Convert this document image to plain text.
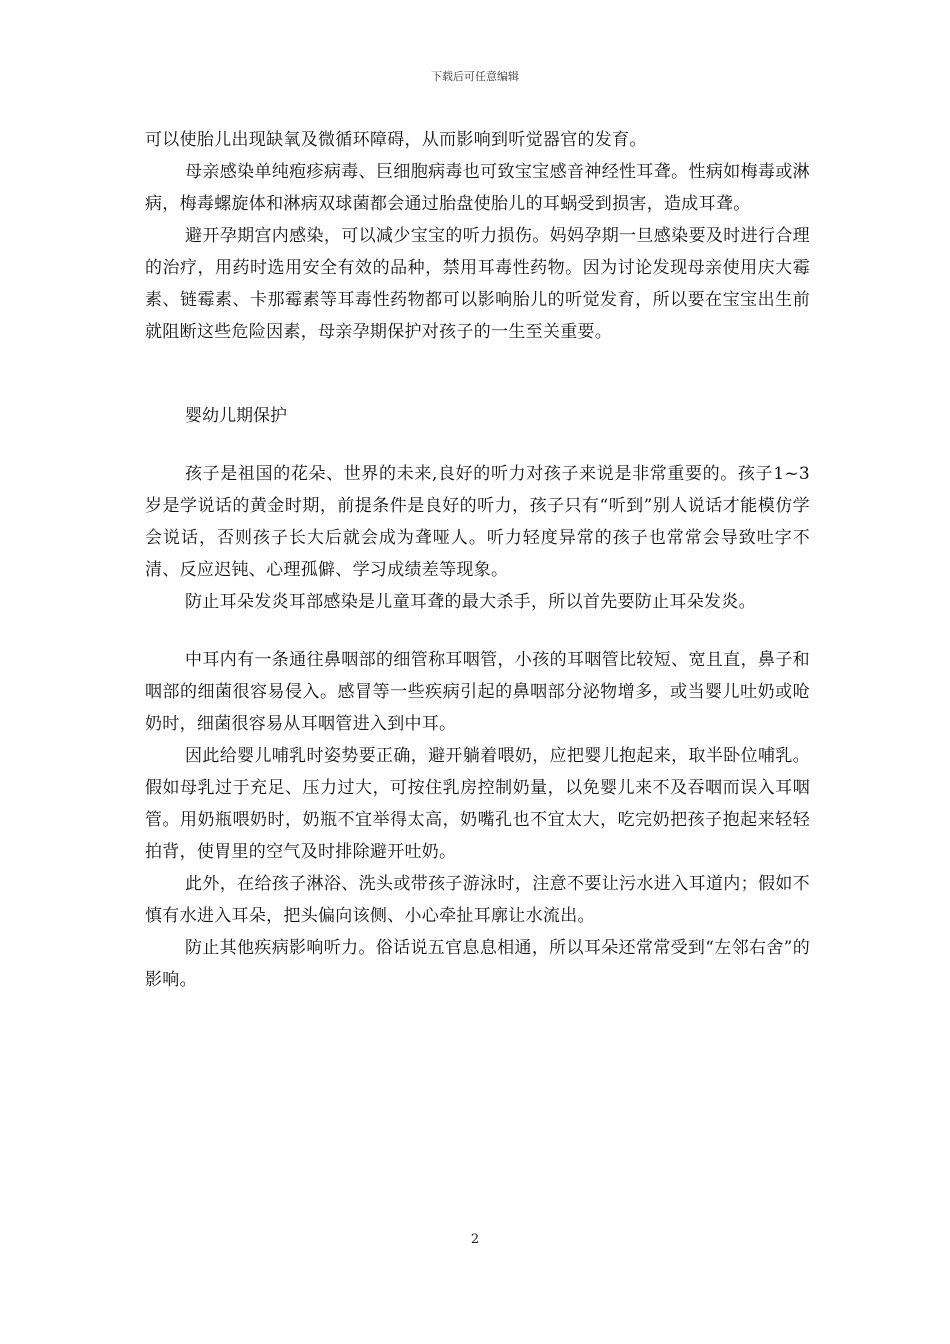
下载后可任意编辑

可以使胎儿出现缺氧及微循环障碍，从而影响到听觉器官的发育。

母亲感染单纯疱疹病毒、巨细胞病毒也可致宝宝感音神经性耳聋。性病如梅毒或淋病，梅毒螺旋体和淋病双球菌都会通过胎盘使胎儿的耳蜗受到损害，造成耳聋。

避开孕期宫内感染，可以减少宝宝的听力损伤。妈妈孕期一旦感染要及时进行合理的治疗，用药时选用安全有效的品种，禁用耳毒性药物。因为讨论发现母亲使用庆大霉素、链霉素、卡那霉素等耳毒性药物都可以影响胎儿的听觉发育，所以要在宝宝出生前就阻断这些危险因素，母亲孕期保护对孩子的一生至关重要。

婴幼儿期保护

孩子是祖国的花朵、世界的未来,良好的听力对孩子来说是非常重要的。孩子1~3岁是学说话的黄金时期，前提条件是良好的听力，孩子只有“听到”别人说话才能模仿学会说话，否则孩子长大后就会成为聋哑人。听力轻度异常的孩子也常常会导致吐字不清、反应迟钝、心理孤僻、学习成绩差等现象。

防止耳朵发炎耳部感染是儿童耳聋的最大杀手，所以首先要防止耳朵发炎。

中耳内有一条通往鼻咽部的细管称耳咽管，小孩的耳咽管比较短、宽且直，鼻子和咽部的细菌很容易侵入。感冒等一些疾病引起的鼻咽部分泌物增多，或当婴儿吐奶或呛奶时，细菌很容易从耳咽管进入到中耳。

因此给婴儿哺乳时姿势要正确，避开躺着喂奶，应把婴儿抱起来，取半卧位哺乳。假如母乳过于充足、压力过大，可按住乳房控制奶量，以免婴儿来不及吞咽而误入耳咽管。用奶瓶喂奶时，奶瓶不宜举得太高，奶嘴孔也不宜太大，吃完奶把孩子抱起来轻轻拍背，使胃里的空气及时排除避开吐奶。

此外，在给孩子淋浴、洗头或带孩子游泳时，注意不要让污水进入耳道内；假如不慎有水进入耳朵，把头偏向该侧、小心牵扯耳廓让水流出。

防止其他疾病影响听力。俗话说五官息息相通，所以耳朵还常常受到“左邻右舍”的影响。

2
